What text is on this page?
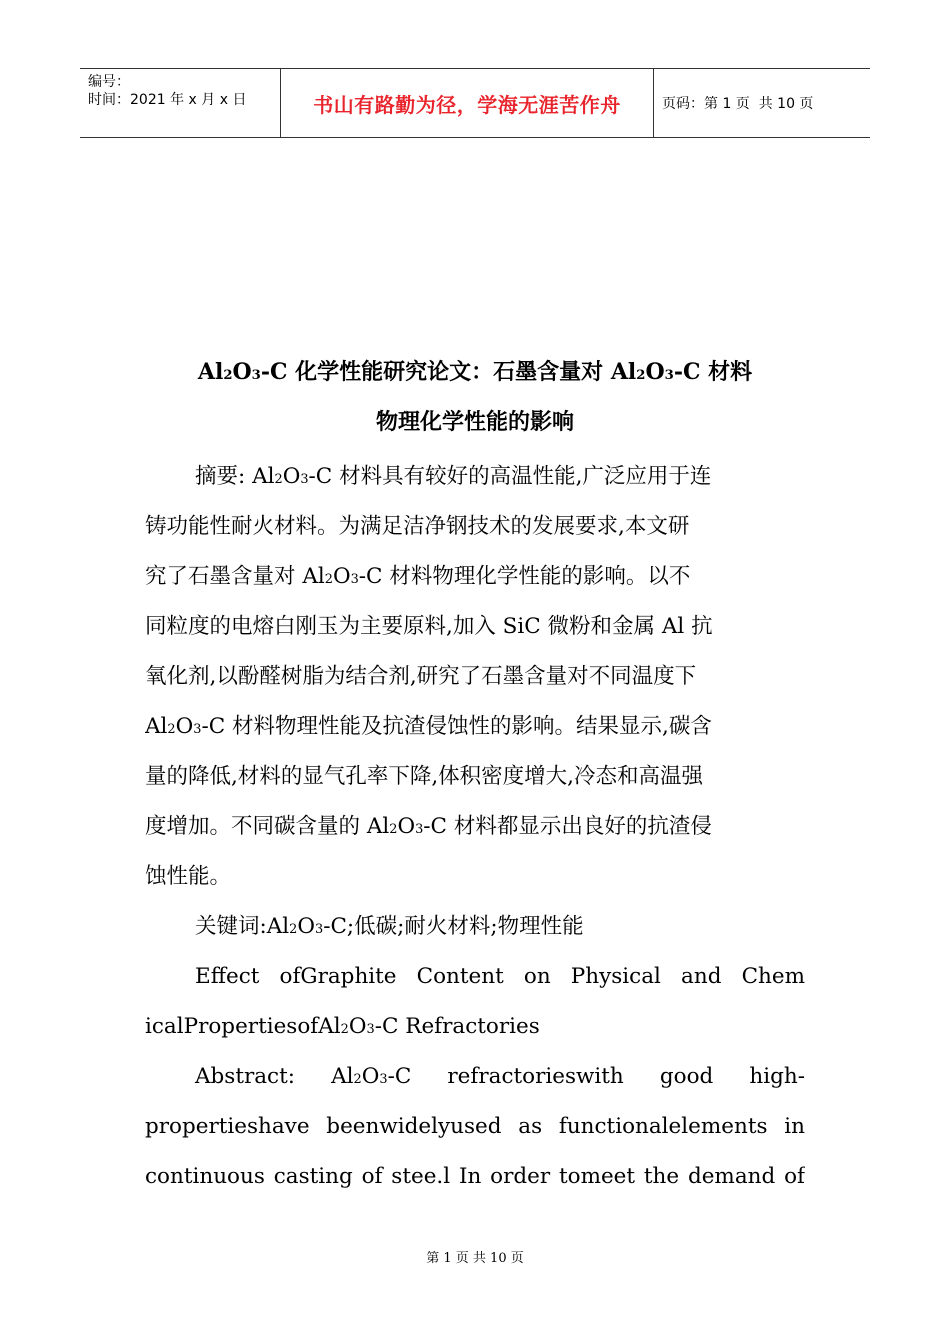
编号：
时间：2021 年 x 月 x 日	书山有路勤为径，学海无涯苦作舟	页码：第 1 页  共 10 页
Al2O3-C 化学性能研究论文：石墨含量对 Al2O3-C 材料
物理化学性能的影响
摘要: Al2O3-C 材料具有较好的高温性能,广泛应用于连
铸功能性耐火材料。为满足洁净钢技术的发展要求,本文研
究了石墨含量对 Al2O3-C 材料物理化学性能的影响。以不
同粒度的电熔白刚玉为主要原料,加入 SiC 微粉和金属 Al 抗
氧化剂,以酚醛树脂为结合剂,研究了石墨含量对不同温度下
Al2O3-C 材料物理性能及抗渣侵蚀性的影响。结果显示,碳含
量的降低,材料的显气孔率下降,体积密度增大,冷态和高温强
度增加。不同碳含量的 Al2O3-C 材料都显示出良好的抗渣侵
蚀性能。
关键词:Al2O3-C;低碳;耐火材料;物理性能
Effect ofGraphite Content on Physical and Chem
icalPropertiesofAl2O3-C Refractories
Abstract: Al2O3-C refractorieswith good high-
propertieshave beenwidelyused as functionalelements in
continuous casting of stee.l In order tomeet the demand of
第 1 页 共 10 页
